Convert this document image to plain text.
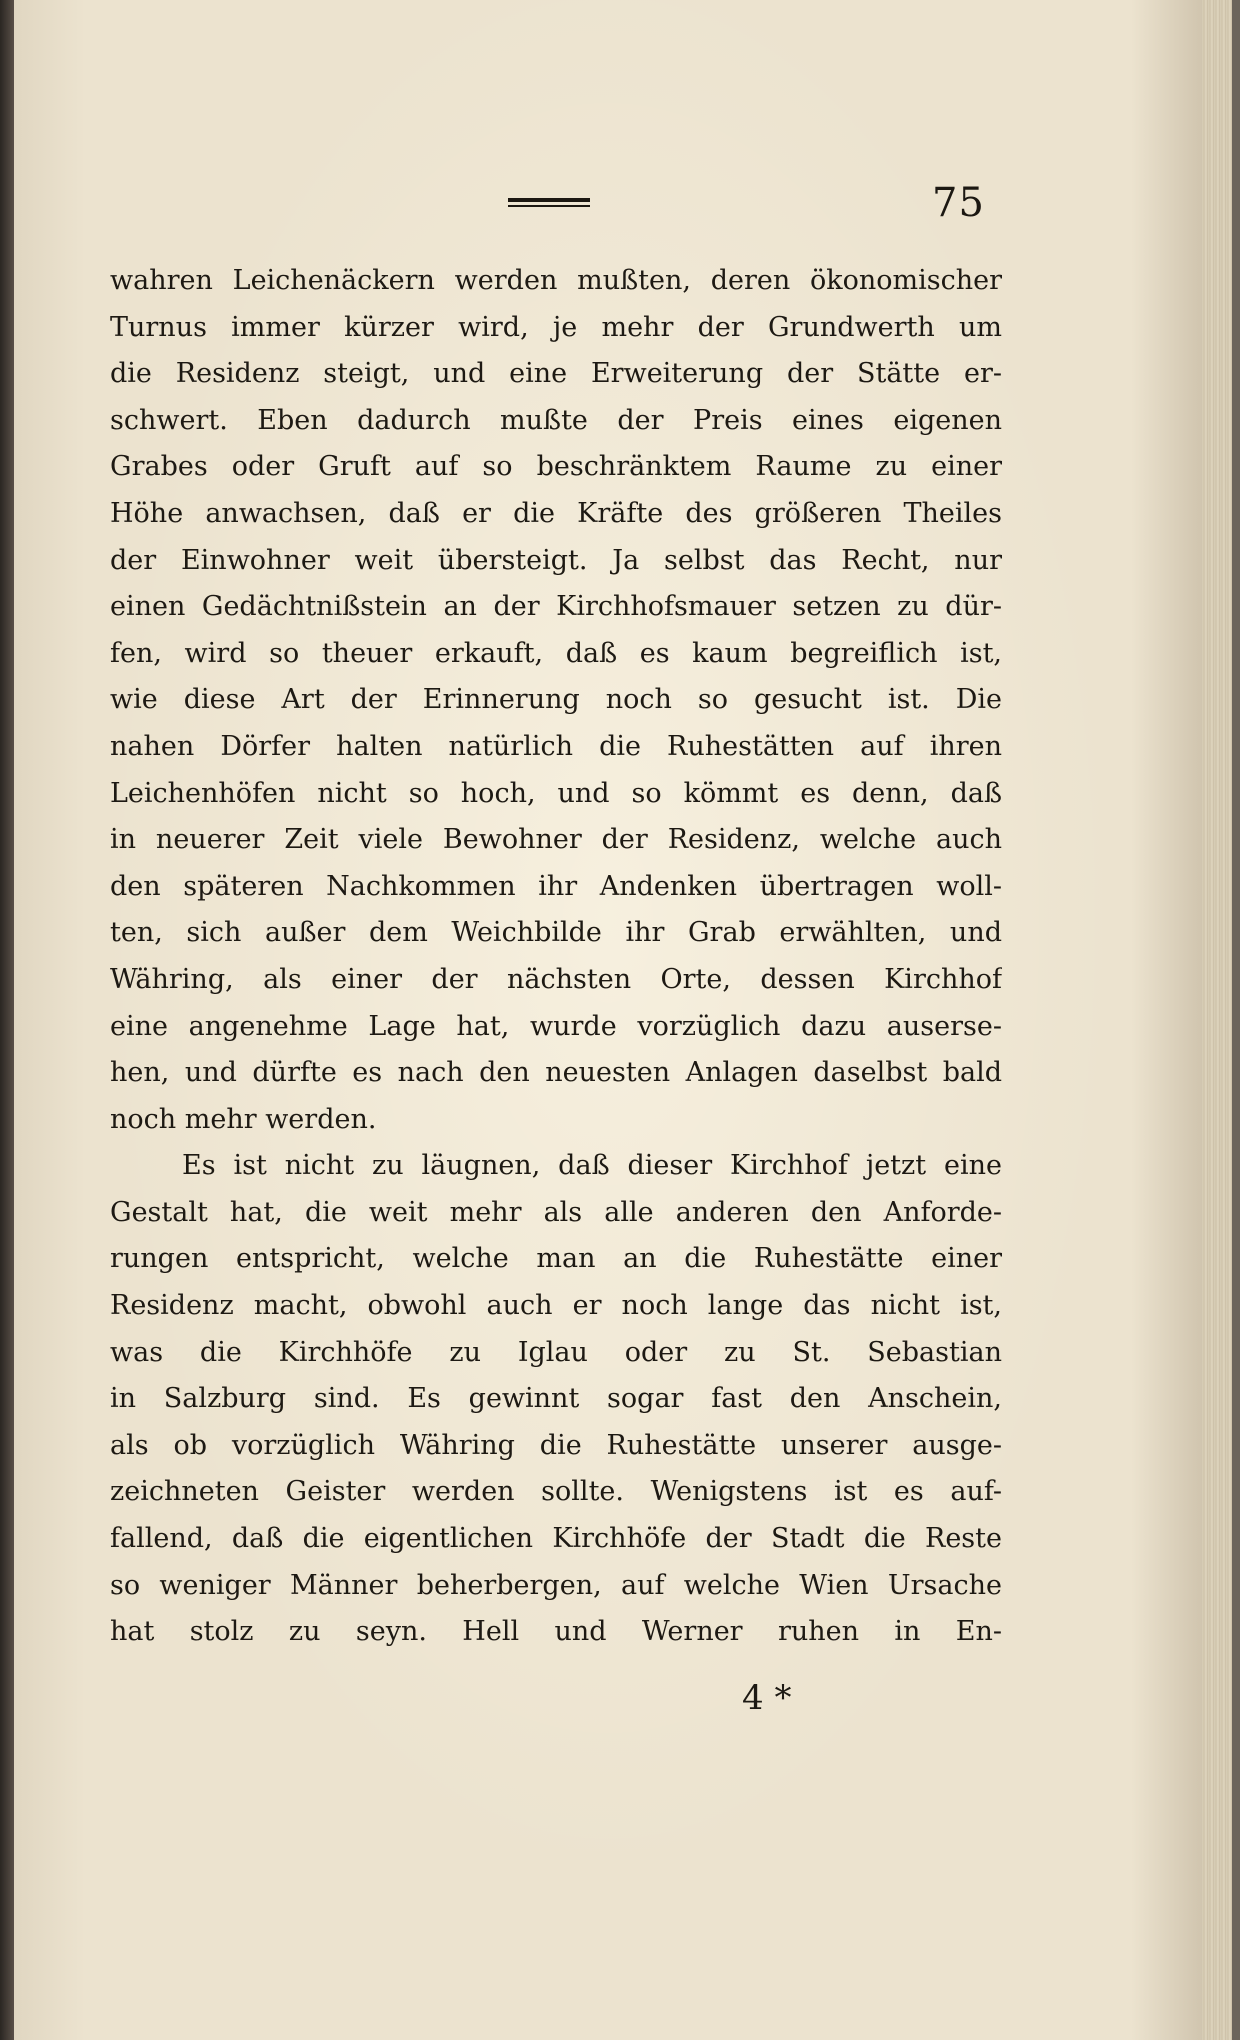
75
wahren Leichenäckern werden mußten, deren ökonomischer
Turnus immer kürzer wird, je mehr der Grundwerth um
die Residenz steigt, und eine Erweiterung der Stätte er-
schwert. Eben dadurch mußte der Preis eines eigenen
Grabes oder Gruft auf so beschränktem Raume zu einer
Höhe anwachsen, daß er die Kräfte des größeren Theiles
der Einwohner weit übersteigt. Ja selbst das Recht, nur
einen Gedächtnißstein an der Kirchhofsmauer setzen zu dür-
fen, wird so theuer erkauft, daß es kaum begreiflich ist,
wie diese Art der Erinnerung noch so gesucht ist. Die
nahen Dörfer halten natürlich die Ruhestätten auf ihren
Leichenhöfen nicht so hoch, und so kömmt es denn, daß
in neuerer Zeit viele Bewohner der Residenz, welche auch
den späteren Nachkommen ihr Andenken übertragen woll-
ten, sich außer dem Weichbilde ihr Grab erwählten, und
Währing, als einer der nächsten Orte, dessen Kirchhof
eine angenehme Lage hat, wurde vorzüglich dazu auserse-
hen, und dürfte es nach den neuesten Anlagen daselbst bald
noch mehr werden.
Es ist nicht zu läugnen, daß dieser Kirchhof jetzt eine
Gestalt hat, die weit mehr als alle anderen den Anforde-
rungen entspricht, welche man an die Ruhestätte einer
Residenz macht, obwohl auch er noch lange das nicht ist,
was die Kirchhöfe zu Iglau oder zu St. Sebastian
in Salzburg sind. Es gewinnt sogar fast den Anschein,
als ob vorzüglich Währing die Ruhestätte unserer ausge-
zeichneten Geister werden sollte. Wenigstens ist es auf-
fallend, daß die eigentlichen Kirchhöfe der Stadt die Reste
so weniger Männer beherbergen, auf welche Wien Ursache
hat stolz zu seyn. Hell und Werner ruhen in En-
4 *
